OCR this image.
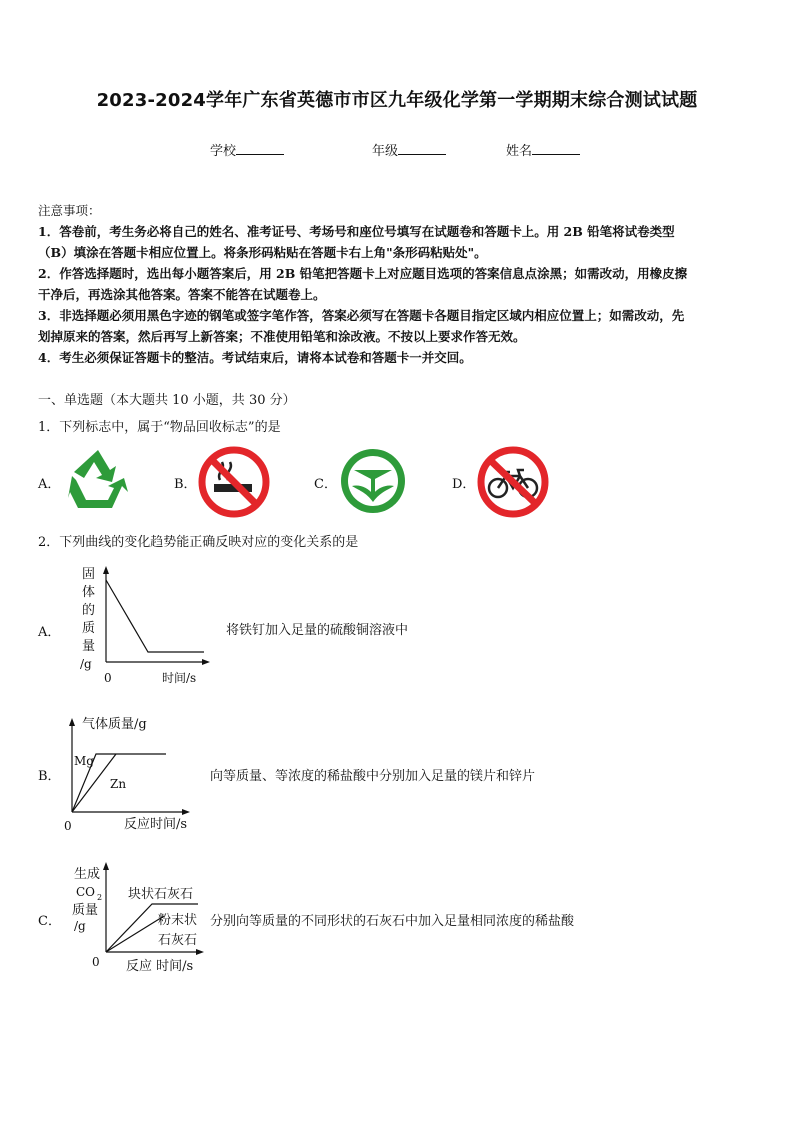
2023-2024学年广东省英德市市区九年级化学第一学期期末综合测试试题
学校	年级	姓名
注意事项：
1．答卷前，考生务必将自己的姓名、准考证号、考场号和座位号填写在试题卷和答题卡上。用 2B 铅笔将试卷类型
（B）填涂在答题卡相应位置上。将条形码粘贴在答题卡右上角"条形码粘贴处"。
2．作答选择题时，选出每小题答案后，用 2B 铅笔把答题卡上对应题目选项的答案信息点涂黑；如需改动，用橡皮擦
干净后，再选涂其他答案。答案不能答在试题卷上。
3．非选择题必须用黑色字迹的钢笔或签字笔作答，答案必须写在答题卡各题目指定区域内相应位置上；如需改动，先
划掉原来的答案，然后再写上新答案；不准使用铅笔和涂改液。不按以上要求作答无效。
4．考生必须保证答题卡的整洁。考试结束后，请将本试卷和答题卡一并交回。
一、单选题（本大题共 10 小题，共 30 分）
1．下列标志中，属于“物品回收标志”的是
A．	B．	C．	D．
2．下列曲线的变化趋势能正确反映对应的变化关系的是
A．
固
体
的
质
量
/g
0	时间/s
将铁钉加入足量的硫酸铜溶液中
B．
气体质量/g
Mg
Zn
0	反应时间/s
向等质量、等浓度的稀盐酸中分别加入足量的镁片和锌片
C．
生成
CO 2
质量
/g
块状石灰石
粉末状
石灰石
0 反应 时间/s
分别向等质量的不同形状的石灰石中加入足量相同浓度的稀盐酸
